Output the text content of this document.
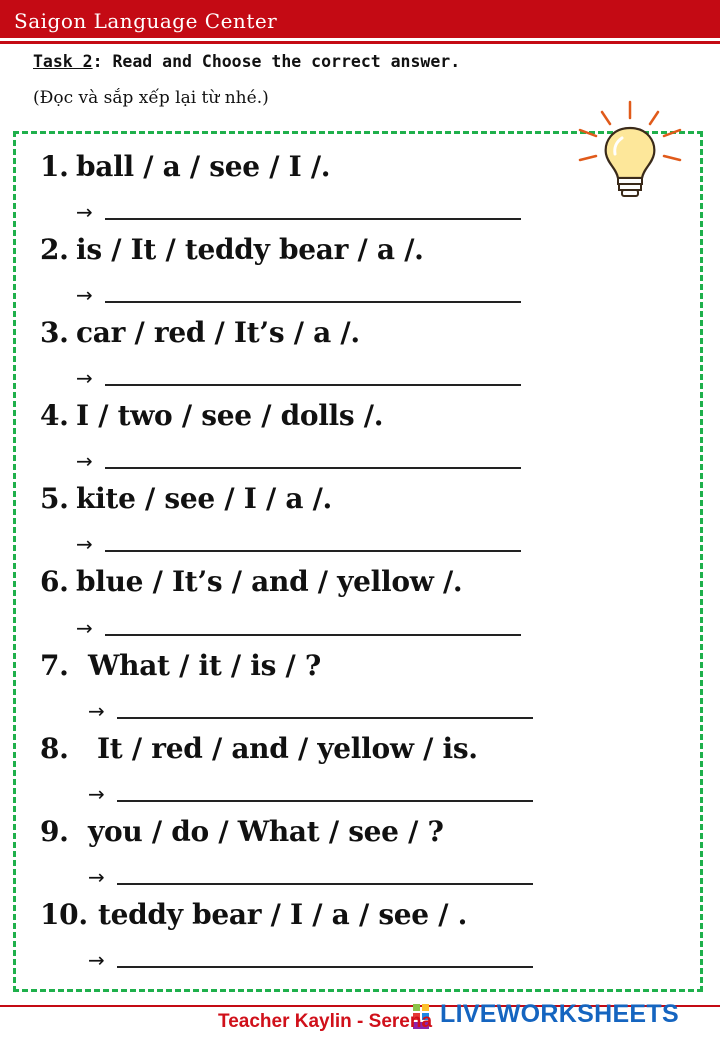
Saigon Language Center
Task 2: Read and Choose the correct answer.
(Đọc và sắp xếp lại từ nhé.)
1. ball / a / see / I /.
→
2. is / It / teddy bear / a /.
→
3. car / red / It’s / a /.
→
4. I / two / see / dolls /.
→
5. kite / see / I / a /.
→
6. blue / It’s / and / yellow /.
→
7. What / it / is / ?
→
8. It / red / and / yellow / is.
→
9. you / do / What / see / ?
→
10. teddy bear / I / a / see / .
→
LIVEWORKSHEETS
Teacher Kaylin - Serena
